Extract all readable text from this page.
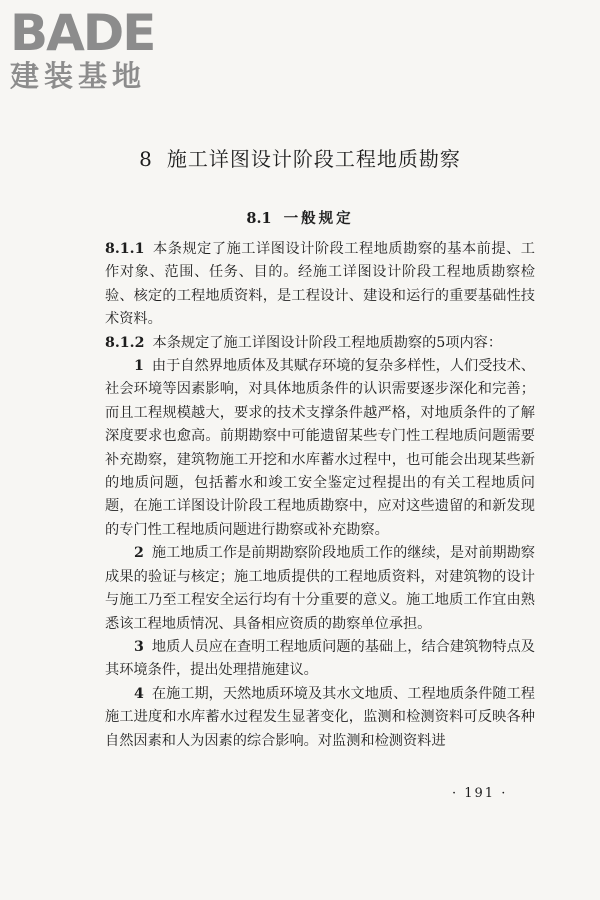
BADE
建装基地
8 施工详图设计阶段工程地质勘察
8.1 一般规定

8.1.1 本条规定了施工详图设计阶段工程地质勘察的基本前提、工作对象、范围、任务、目的。经施工详图设计阶段工程地质勘察检验、核定的工程地质资料，是工程设计、建设和运行的重要基础性技术资料。

8.1.2 本条规定了施工详图设计阶段工程地质勘察的5项内容：

1 由于自然界地质体及其赋存环境的复杂多样性，人们受技术、社会环境等因素影响，对具体地质条件的认识需要逐步深化和完善；而且工程规模越大，要求的技术支撑条件越严格，对地质条件的了解深度要求也愈高。前期勘察中可能遗留某些专门性工程地质问题需要补充勘察，建筑物施工开挖和水库蓄水过程中，也可能会出现某些新的地质问题，包括蓄水和竣工安全鉴定过程提出的有关工程地质问题，在施工详图设计阶段工程地质勘察中，应对这些遗留的和新发现的专门性工程地质问题进行勘察或补充勘察。

2 施工地质工作是前期勘察阶段地质工作的继续，是对前期勘察成果的验证与核定；施工地质提供的工程地质资料，对建筑物的设计与施工乃至工程安全运行均有十分重要的意义。施工地质工作宜由熟悉该工程地质情况、具备相应资质的勘察单位承担。

3 地质人员应在查明工程地质问题的基础上，结合建筑物特点及其环境条件，提出处理措施建议。

4 在施工期，天然地质环境及其水文地质、工程地质条件随工程施工进度和水库蓄水过程发生显著变化，监测和检测资料可反映各种自然因素和人为因素的综合影响。对监测和检测资料进

· 191 ·
